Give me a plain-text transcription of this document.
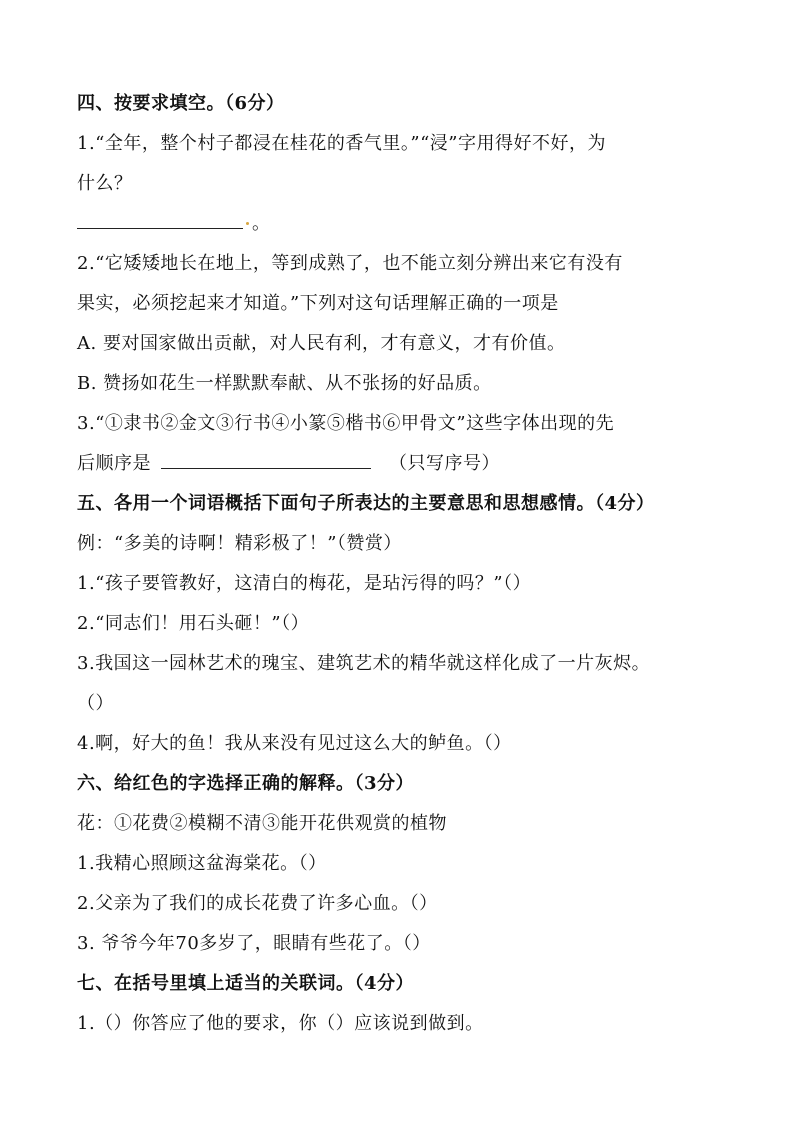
四、按要求填空。（6分）
1.“全年，整个村子都浸在桂花的香气里。”“浸”字用得好不好，为
什么？
。
2.“它矮矮地长在地上，等到成熟了，也不能立刻分辨出来它有没有
果实，必须挖起来才知道。”下列对这句话理解正确的一项是
A. 要对国家做出贡献，对人民有利，才有意义，才有价值。
B. 赞扬如花生一样默默奉献、从不张扬的好品质。
3.“①隶书②金文③行书④小篆⑤楷书⑥甲骨文”这些字体出现的先
后顺序是	（只写序号）
五、各用一个词语概括下面句子所表达的主要意思和思想感情。（4分）
例：“多美的诗啊！精彩极了！”（赞赏）
1.“孩子要管教好，这清白的梅花，是玷污得的吗？”（）
2.“同志们！用石头砸！”（）
3.我国这一园林艺术的瑰宝、建筑艺术的精华就这样化成了一片灰烬。
（）
4.啊，好大的鱼！我从来没有见过这么大的鲈鱼。（）
六、给红色的字选择正确的解释。（3分）
花：①花费②模糊不清③能开花供观赏的植物
1.我精心照顾这盆海棠花。（）
2.父亲为了我们的成长花费了许多心血。（）
3. 爷爷今年70多岁了，眼睛有些花了。（）
七、在括号里填上适当的关联词。（4分）
1.（）你答应了他的要求，你（）应该说到做到。
